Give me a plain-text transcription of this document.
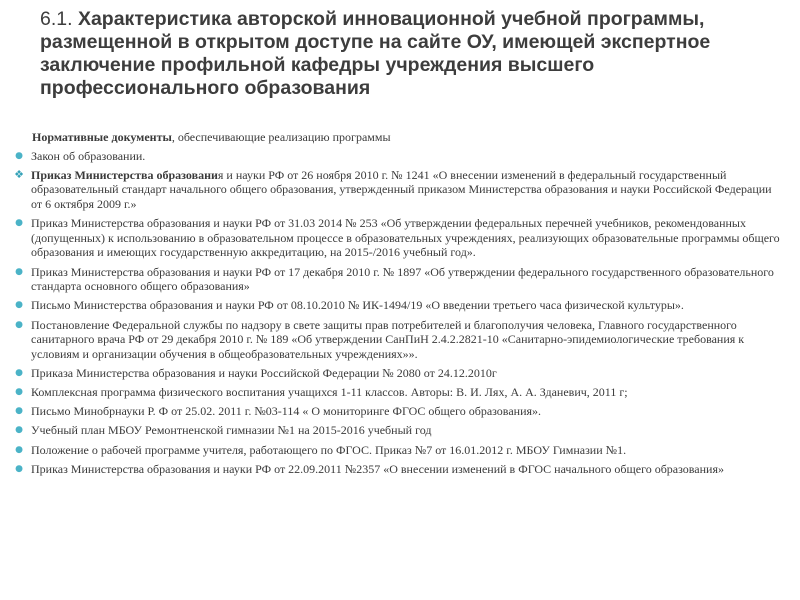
6.1. Характеристика авторской инновационной учебной программы, размещенной в открытом доступе на сайте ОУ, имеющей экспертное заключение профильной кафедры учреждения высшего профессионального образования
Нормативные документы, обеспечивающие реализацию программы
● Закон об образовании.
❖ Приказ Министерства образования и науки РФ от 26 ноября 2010 г. № 1241 «О внесении изменений в федеральный государственный образовательный стандарт начального общего образования, утвержденный приказом Министерства образования и науки Российской Федерации от 6 октября 2009 г.»
● Приказ Министерства образования и науки РФ от 31.03 2014 № 253 «Об утверждении федеральных перечней учебников, рекомендованных (допущенных) к использованию в образовательном процессе в образовательных учреждениях, реализующих образовательные программы общего образования и имеющих государственную аккредитацию, на 2015-/2016 учебный год».
● Приказ Министерства образования и науки РФ от 17 декабря 2010 г. № 1897 «Об утверждении федерального государственного образовательного стандарта основного общего образования»
● Письмо Министерства образования и науки РФ от 08.10.2010 № ИК-1494/19 «О введении третьего часа физической культуры».
● Постановление Федеральной службы по надзору в свете защиты прав потребителей и благополучия человека, Главного государственного санитарного врача РФ от 29 декабря 2010 г. № 189 «Об утверждении СанПиН 2.4.2.2821-10 «Санитарно-эпидемиологические требования к условиям и организации обучения в общеобразовательных учреждениях»».
● Приказа Министерства образования и науки Российской Федерации № 2080 от 24.12.2010г
● Комплексная программа физического воспитания учащихся 1-11 классов. Авторы: В. И. Лях, А. А. Зданевич, 2011 г;
● Письмо Минобрнауки Р. Ф от 25.02. 2011 г. №03-114 « О мониторинге ФГОС общего образования».
● Учебный план МБОУ Ремонтненской гимназии №1 на 2015-2016 учебный год
● Положение о рабочей программе учителя, работающего по ФГОС. Приказ №7 от 16.01.2012 г. МБОУ Гимназии №1.
● Приказ Министерства образования и науки РФ от 22.09.2011 №2357 «О внесении изменений в ФГОС начального общего образования»
